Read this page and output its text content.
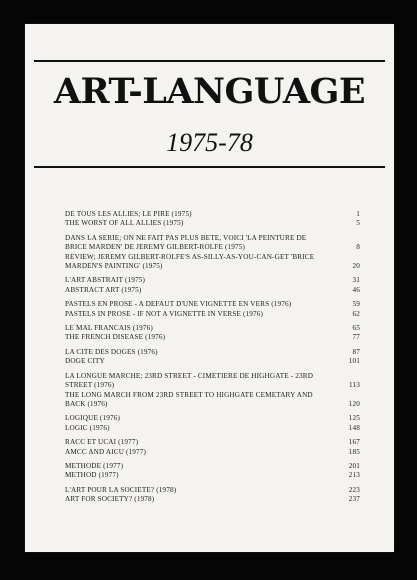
ART-LANGUAGE
1975-78
DE TOUS LES ALLIES; LE PIRE (1975)	1
THE WORST OF ALL ALLIES (1975)	5
DANS LA SERIE; ON NE FAIT PAS PLUS BETE, VOICI 'LA PEINTURE DE BRICE MARDEN' DE JEREMY GILBERT-ROLFE (1975)	8
REVIEW; JEREMY GILBERT-ROLFE'S AS-SILLY-AS-YOU-CAN-GET 'BRICE MARDEN'S PAINTING' (1975)	20
L'ART ABSTRAIT (1975)	31
ABSTRACT ART (1975)	46
PASTELS EN PROSE - A DEFAUT D'UNE VIGNETTE EN VERS (1976)	59
PASTELS IN PROSE - IF NOT A VIGNETTE IN VERSE (1976)	62
LE MAL FRANCAIS (1976)	65
THE FRENCH DISEASE (1976)	77
LA CITE DES DOGES (1976)	87
DOGE CITY	101
LA LONGUE MARCHE; 23RD STREET - CIMETIERE DE HIGHGATE - 23RD STREET (1976)	113
THE LONG MARCH FROM 23RD STREET TO HIGHGATE CEMETARY AND BACK (1976)	120
LOGIQUE (1976)	125
LOGIC (1976)	148
RACC ET UCAI (1977)	167
AMCC AND AICU (1977)	185
METHODE (1977)	201
METHOD (1977)	213
L'ART POUR LA SOCIETE? (1978)	223
ART FOR SOCIETY? (1978)	237
